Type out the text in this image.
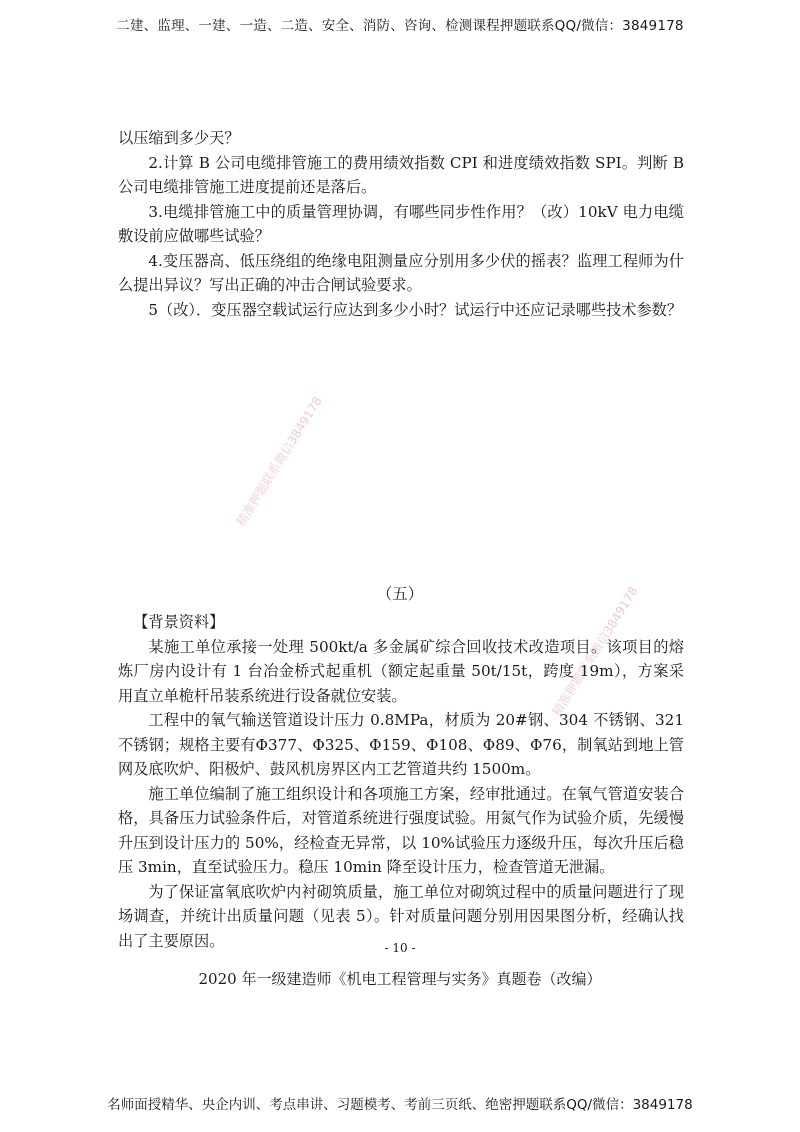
二建、监理、一建、一造、二造、安全、消防、咨询、检测课程押题联系QQ/微信：3849178

以压缩到多少天？

2.计算 B 公司电缆排管施工的费用绩效指数 CPI 和进度绩效指数 SPI。判断 B 公司电缆排管施工进度提前还是落后。

3.电缆排管施工中的质量管理协调，有哪些同步性作用？（改）10kV 电力电缆敷设前应做哪些试验？

4.变压器高、低压绕组的绝缘电阻测量应分别用多少伏的摇表？监理工程师为什么提出异议？写出正确的冲击合闸试验要求。

5（改）．变压器空载试运行应达到多少小时？试运行中还应记录哪些技术参数？

精准押题联系微信3849178
精准押题联系微信3849178
（五）

【背景资料】

某施工单位承接一处理 500kt/a 多金属矿综合回收技术改造项目。该项目的熔炼厂房内设计有 1 台冶金桥式起重机（额定起重量 50t/15t，跨度 19m），方案采用直立单桅杆吊装系统进行设备就位安装。

工程中的氧气输送管道设计压力 0.8MPa，材质为 20#钢、304 不锈钢、321 不锈钢；规格主要有Φ377、Φ325、Φ159、Φ108、Φ89、Φ76，制氧站到地上管网及底吹炉、阳极炉、鼓风机房界区内工艺管道共约 1500m。

施工单位编制了施工组织设计和各项施工方案，经审批通过。在氧气管道安装合格，具备压力试验条件后，对管道系统进行强度试验。用氮气作为试验介质，先缓慢升压到设计压力的 50%，经检查无异常，以 10%试验压力逐级升压，每次升压后稳压 3min，直至试验压力。稳压 10min 降至设计压力，检查管道无泄漏。

为了保证富氧底吹炉内衬砌筑质量，施工单位对砌筑过程中的质量问题进行了现场调查，并统计出质量问题（见表 5）。针对质量问题分别用因果图分析，经确认找出了主要原因。	- 10 -
2020 年一级建造师《机电工程管理与实务》真题卷（改编）
名师面授精华、央企内训、考点串讲、习题模考、考前三页纸、绝密押题联系QQ/微信：3849178
